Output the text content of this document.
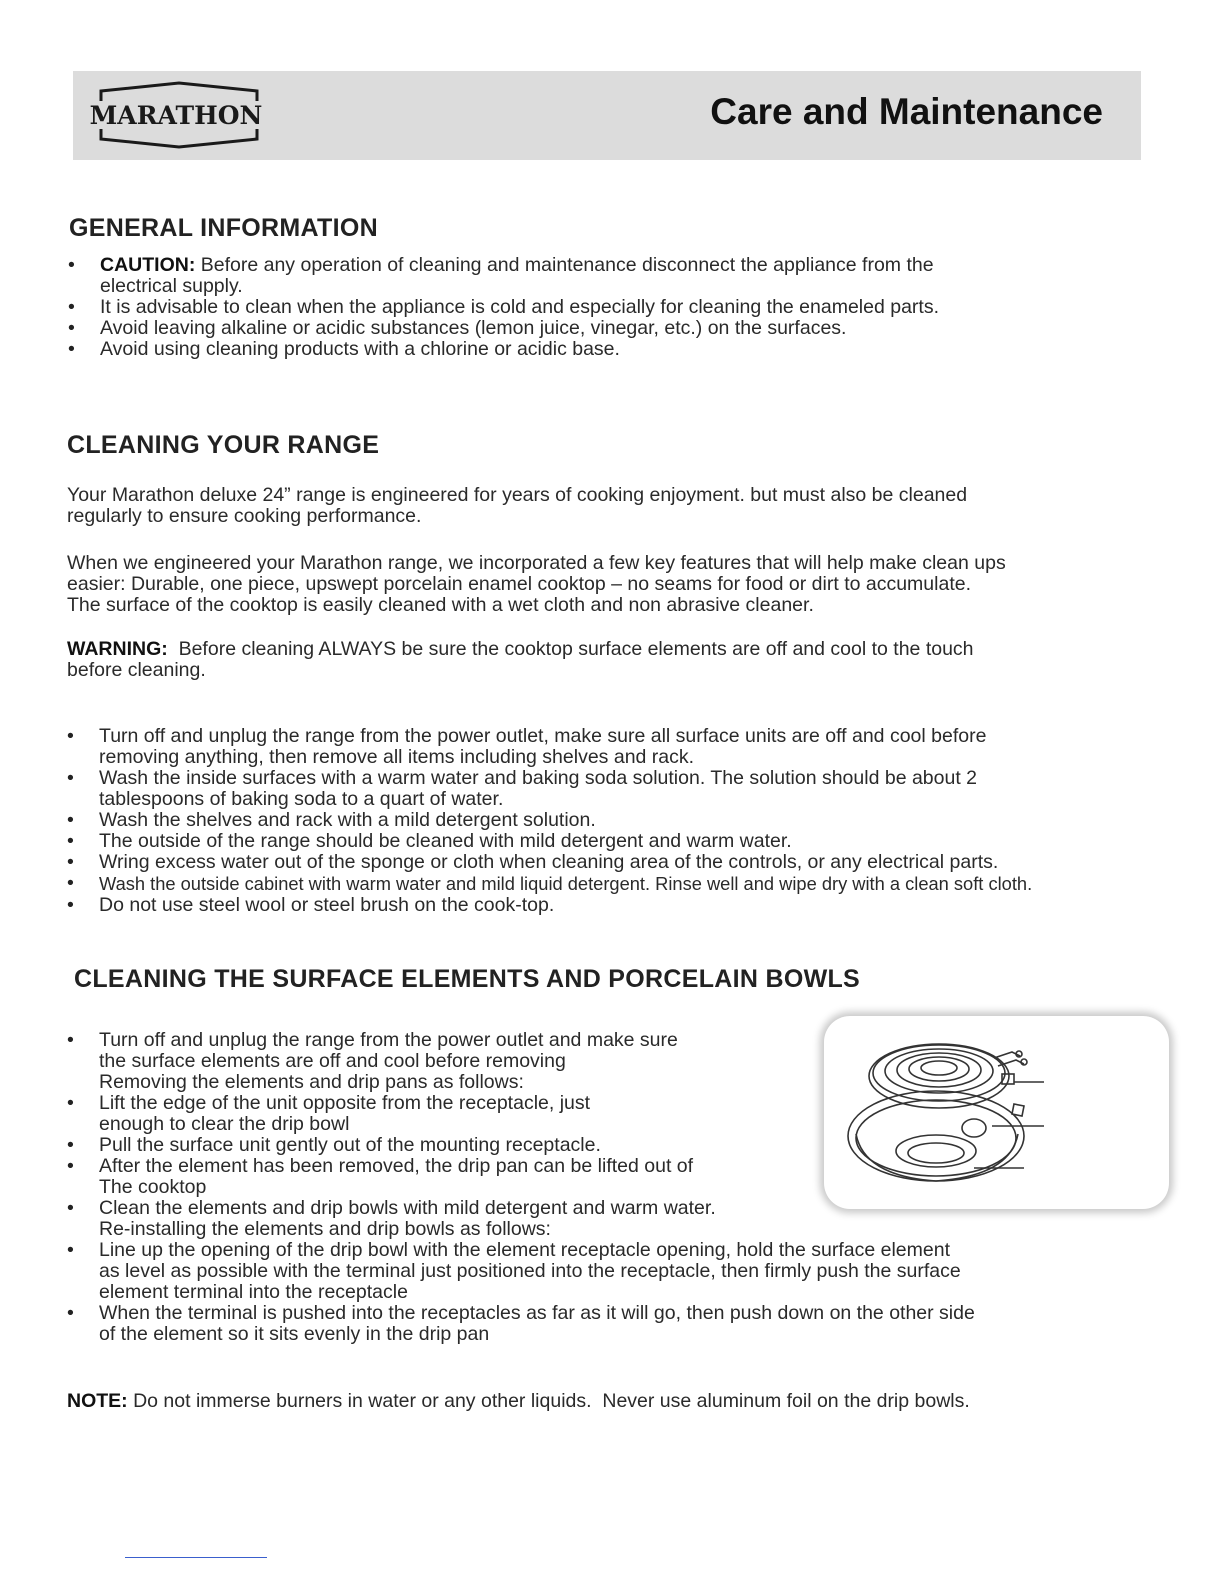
MARATHON	Care and Maintenance
GENERAL INFORMATION
• CAUTION: Before any operation of cleaning and maintenance disconnect the appliance from the
electrical supply.
• It is advisable to clean when the appliance is cold and especially for cleaning the enameled parts.
• Avoid leaving alkaline or acidic substances (lemon juice, vinegar, etc.) on the surfaces.
• Avoid using cleaning products with a chlorine or acidic base.
CLEANING YOUR RANGE
Your Marathon deluxe 24” range is engineered for years of cooking enjoyment. but must also be cleaned
regularly to ensure cooking performance.
When we engineered your Marathon range, we incorporated a few key features that will help make clean ups
easier: Durable, one piece, upswept porcelain enamel cooktop – no seams for food or dirt to accumulate.
The surface of the cooktop is easily cleaned with a wet cloth and non abrasive cleaner.
WARNING:  Before cleaning ALWAYS be sure the cooktop surface elements are off and cool to the touch
before cleaning.
• Turn off and unplug the range from the power outlet, make sure all surface units are off and cool before
removing anything, then remove all items including shelves and rack.
• Wash the inside surfaces with a warm water and baking soda solution. The solution should be about 2
tablespoons of baking soda to a quart of water.
• Wash the shelves and rack with a mild detergent solution.
• The outside of the range should be cleaned with mild detergent and warm water.
• Wring excess water out of the sponge or cloth when cleaning area of the controls, or any electrical parts.
• Wash the outside cabinet with warm water and mild liquid detergent. Rinse well and wipe dry with a clean soft cloth.
• Do not use steel wool or steel brush on the cook-top.
CLEANING THE SURFACE ELEMENTS AND PORCELAIN BOWLS
• Turn off and unplug the range from the power outlet and make sure
the surface elements are off and cool before removing
Removing the elements and drip pans as follows:
• Lift the edge of the unit opposite from the receptacle, just
enough to clear the drip bowl
• Pull the surface unit gently out of the mounting receptacle.
• After the element has been removed, the drip pan can be lifted out of
The cooktop
• Clean the elements and drip bowls with mild detergent and warm water.
Re-installing the elements and drip bowls as follows:
• Line up the opening of the drip bowl with the element receptacle opening, hold the surface element
as level as possible with the terminal just positioned into the receptacle, then firmly push the surface
element terminal into the receptacle
• When the terminal is pushed into the receptacles as far as it will go, then push down on the other side
of the element so it sits evenly in the drip pan
NOTE: Do not immerse burners in water or any other liquids.  Never use aluminum foil on the drip bowls.
